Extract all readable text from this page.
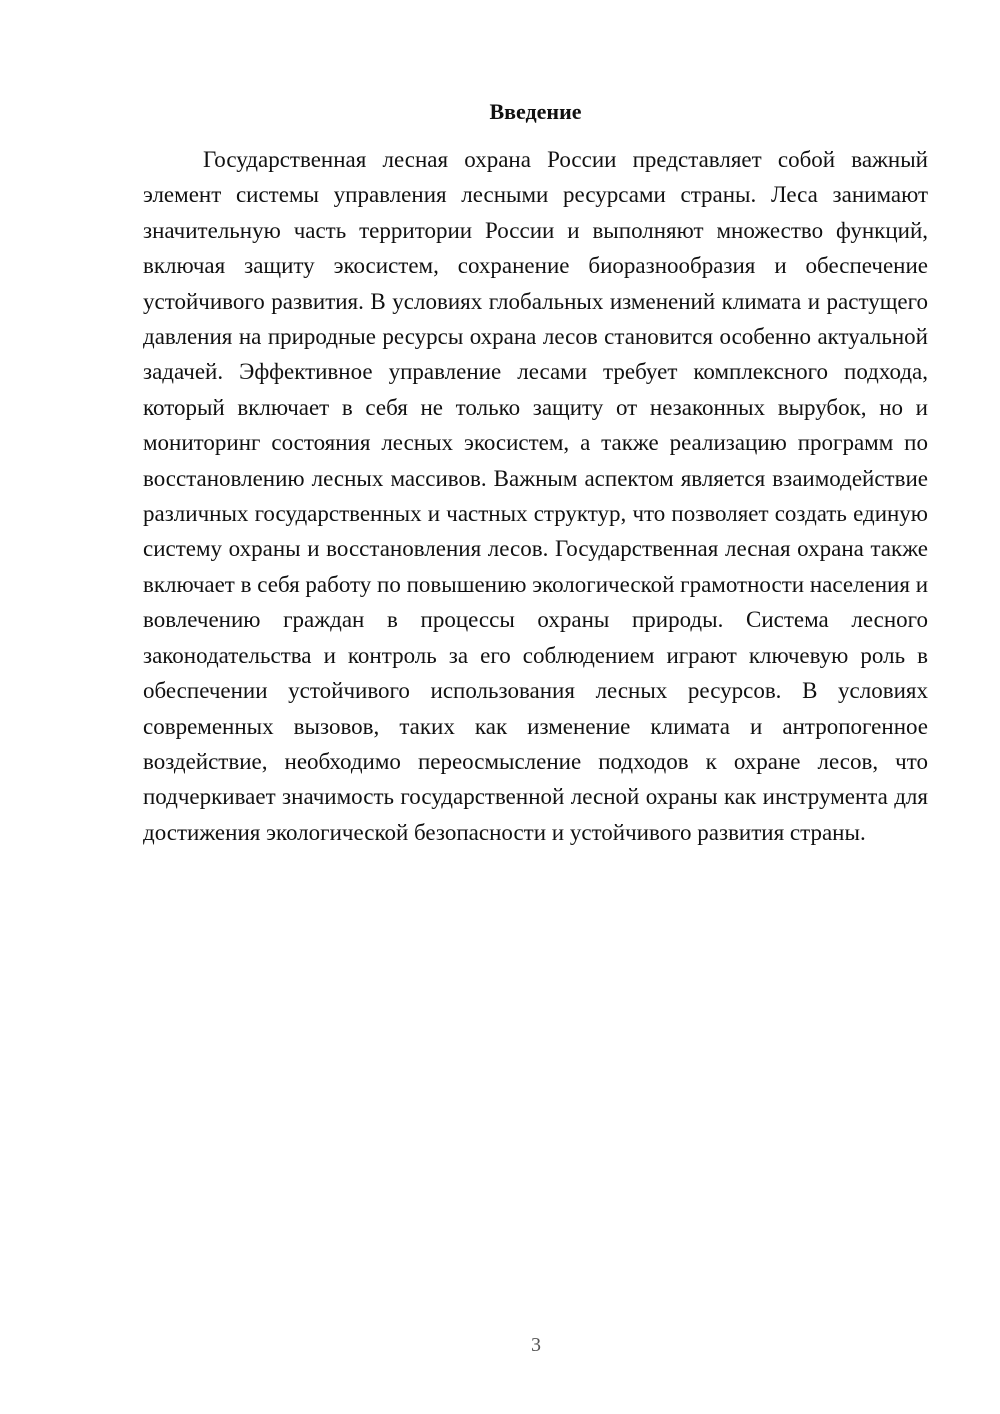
Введение

Государственная лесная охрана России представляет собой важный элемент системы управления лесными ресурсами страны. Леса занимают значительную часть территории России и выполняют множество функций, включая защиту экосистем, сохранение биоразнообразия и обеспечение устойчивого развития. В условиях глобальных изменений климата и растущего давления на природные ресурсы охрана лесов становится особенно актуальной задачей. Эффективное управление лесами требует комплексного подхода, который включает в себя не только защиту от незаконных вырубок, но и мониторинг состояния лесных экосистем, а также реализацию программ по восстановлению лесных массивов. Важным аспектом является взаимодействие различных государственных и частных структур, что позволяет создать единую систему охраны и восстановления лесов. Государственная лесная охрана также включает в себя работу по повышению экологической грамотности населения и вовлечению граждан в процессы охраны природы. Система лесного законодательства и контроль за его соблюдением играют ключевую роль в обеспечении устойчивого использования лесных ресурсов. В условиях современных вызовов, таких как изменение климата и антропогенное воздействие, необходимо переосмысление подходов к охране лесов, что подчеркивает значимость государственной лесной охраны как инструмента для достижения экологической безопасности и устойчивого развития страны.

3
